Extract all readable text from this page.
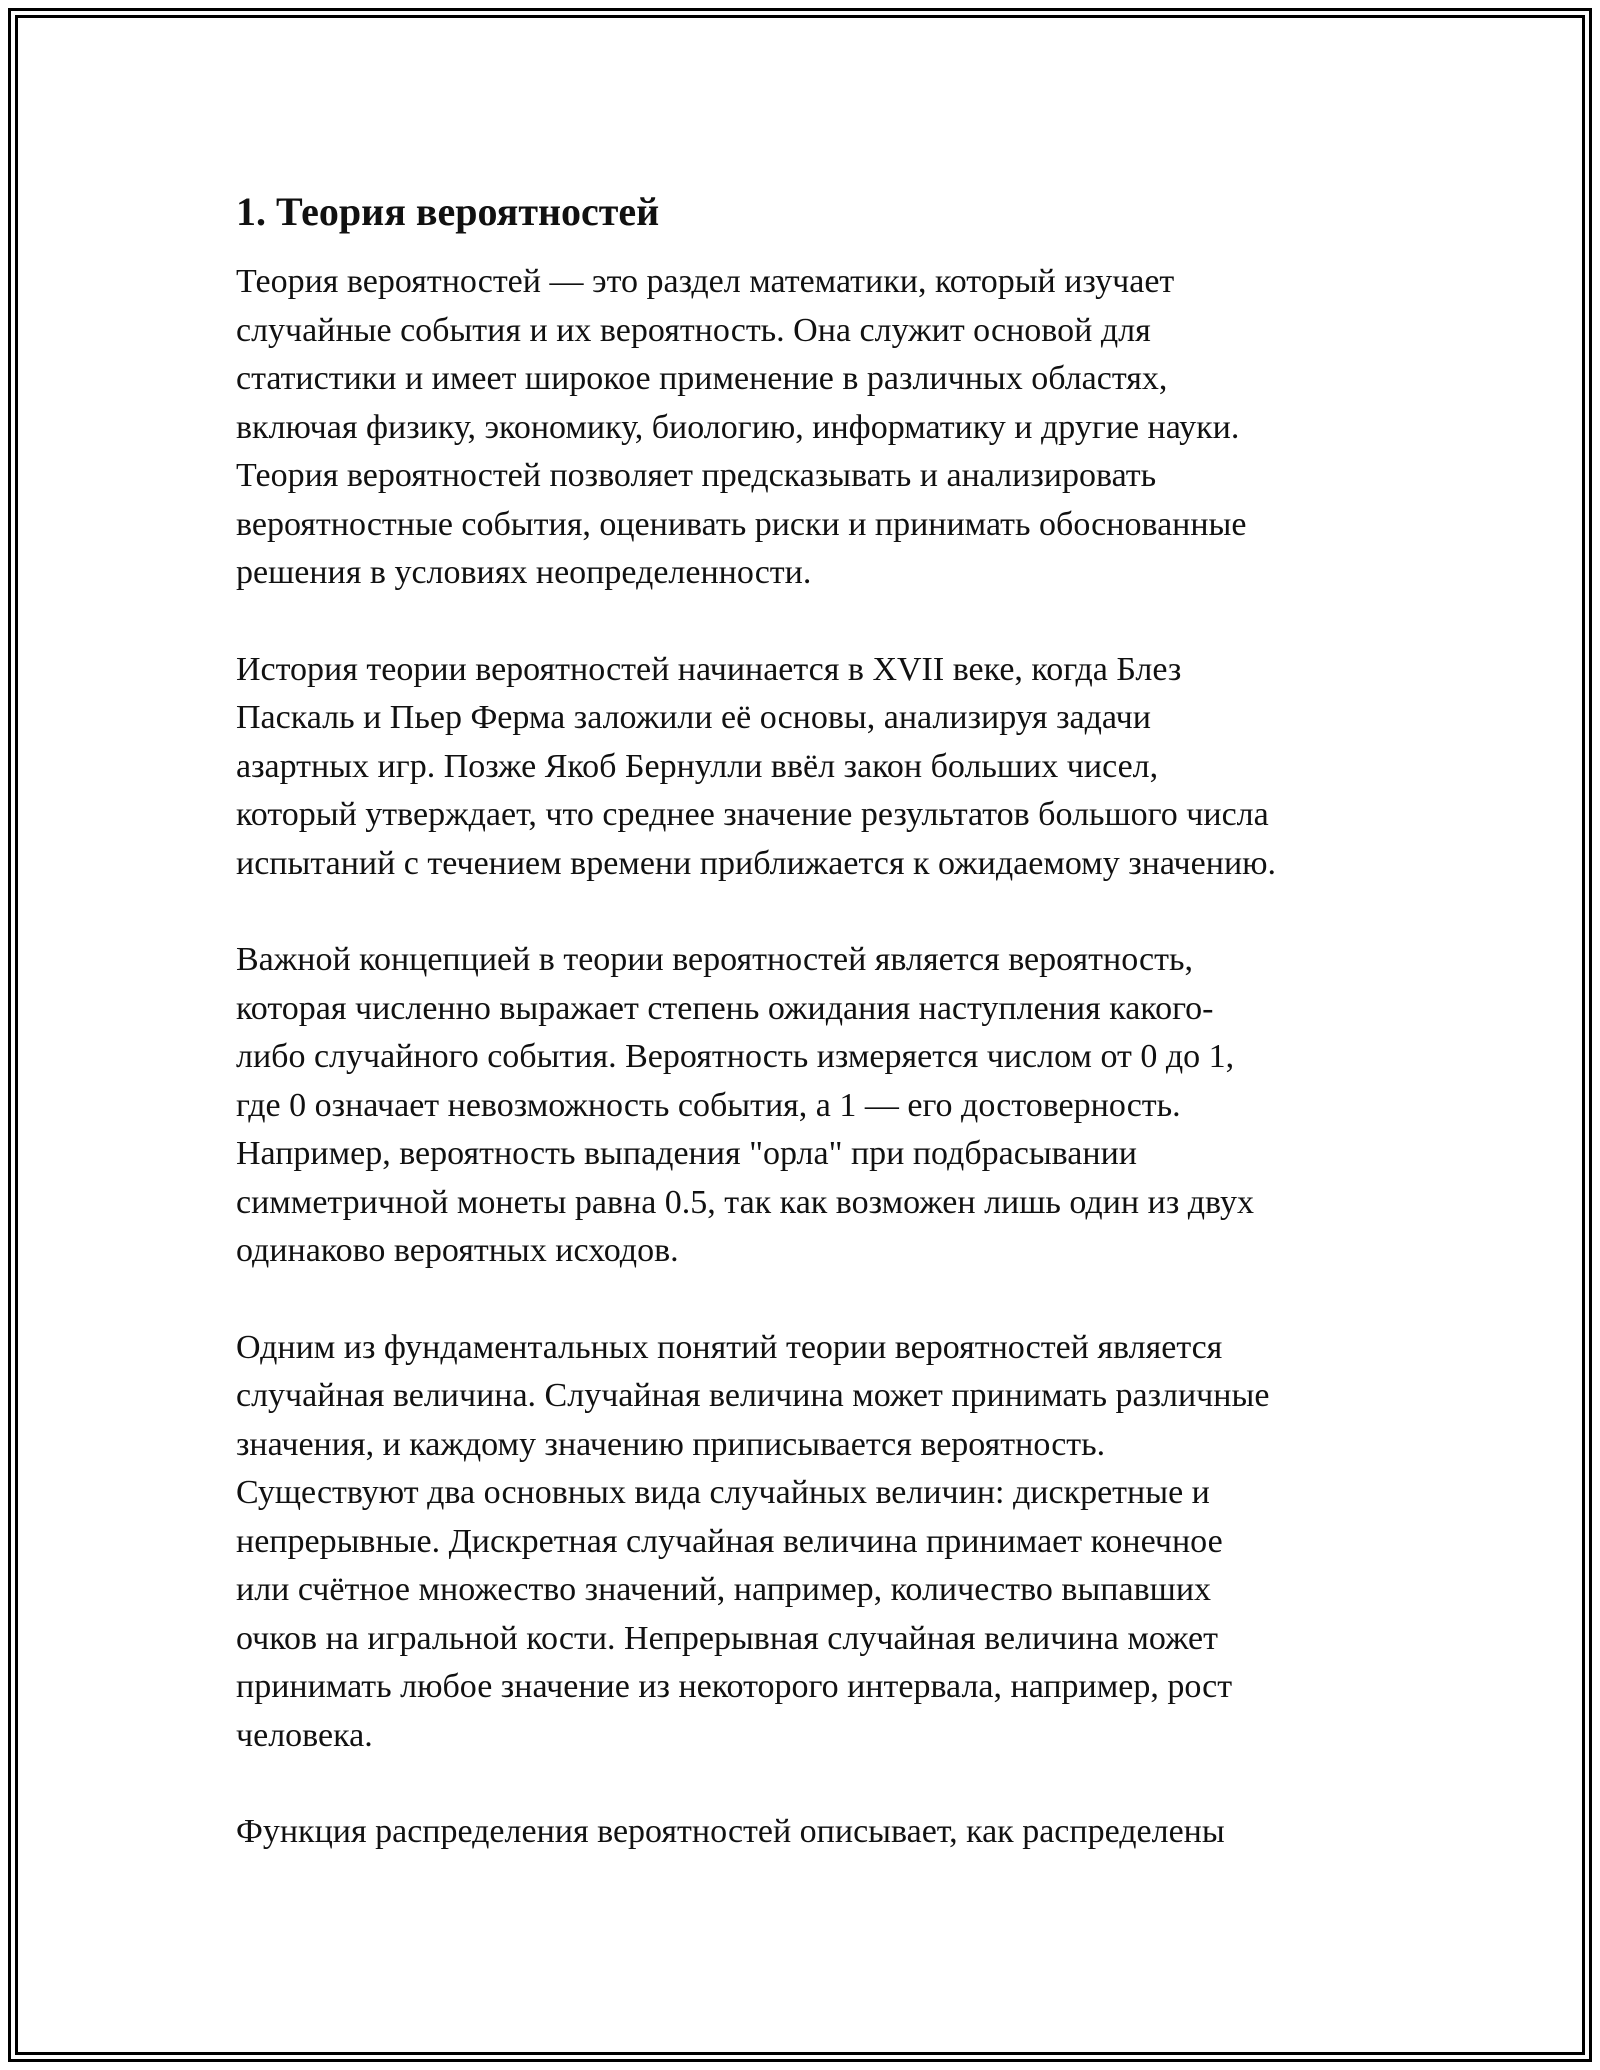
1. Теория вероятностей
Теория вероятностей — это раздел математики, который изучает
случайные события и их вероятность. Она служит основой для
статистики и имеет широкое применение в различных областях,
включая физику, экономику, биологию, информатику и другие науки.
Теория вероятностей позволяет предсказывать и анализировать
вероятностные события, оценивать риски и принимать обоснованные
решения в условиях неопределенности.
История теории вероятностей начинается в XVII веке, когда Блез
Паскаль и Пьер Ферма заложили её основы, анализируя задачи
азартных игр. Позже Якоб Бернулли ввёл закон больших чисел,
который утверждает, что среднее значение результатов большого числа
испытаний с течением времени приближается к ожидаемому значению.
Важной концепцией в теории вероятностей является вероятность,
которая численно выражает степень ожидания наступления какого-
либо случайного события. Вероятность измеряется числом от 0 до 1,
где 0 означает невозможность события, а 1 — его достоверность.
Например, вероятность выпадения "орла" при подбрасывании
симметричной монеты равна 0.5, так как возможен лишь один из двух
одинаково вероятных исходов.
Одним из фундаментальных понятий теории вероятностей является
случайная величина. Случайная величина может принимать различные
значения, и каждому значению приписывается вероятность.
Существуют два основных вида случайных величин: дискретные и
непрерывные. Дискретная случайная величина принимает конечное
или счётное множество значений, например, количество выпавших
очков на игральной кости. Непрерывная случайная величина может
принимать любое значение из некоторого интервала, например, рост
человека.
Функция распределения вероятностей описывает, как распределены
